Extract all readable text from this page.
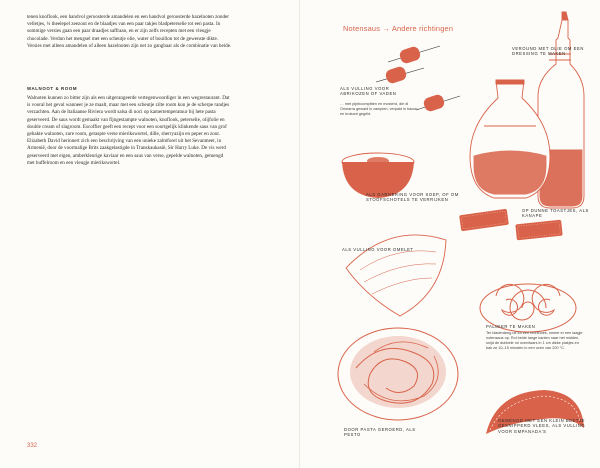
tenen knoflook, een handvol geroosterde amandelen en een handvol geroosterde hazelnoten zonder velletjes, ¼ theelepel zeezout en de blaadjes van een paar takjes bladpeterselie tot een pasta. In sommige versies gaan een paar draadjes saffraan, en er zijn zelfs recepten met een vleugje chocolade. Verdun het mengsel met een scheutje olie, water of bouillon tot de gewenste dikte. Versies met alleen amandelen of alleen hazelnoten zijn net zo gangbaar als de combinatie van beide.

WALNOOT & ROOM

Walnoten kunnen zo bitter zijn als een uitgerangeerde vertegenwoordiger in een wegrestaurant. Dat is vooral het geval wanneer je ze maalt, maar met een scheutje zilte room kun je de scherpe randjes verzachten. Aan de Italiaanse Riviera wordt salsa di noci op kamertemperatuur bij hete pasta geserveerd. De saus wordt gemaakt van fijngestampte walnoten, knoflook, peterselie, olijfolie en double cream of slagroom. Escoffier geeft een recept voor een soortgelijk klinkende saus van grof gehakte walnoten, zure room, geraspte verse mierikswortel, dille, sherryazijn en peper en zout. Elizabeth David herinnert zich een beschrijving van een unieke zalmforel uit het Sevanmeer, in Armenië, door de voormalige Brits zaakgelastigde in Transkaukasië, Sir Harry Luke. De vis werd geserveerd met eigen, amberkleurige kaviaar en een saus van verse, gepelde walnoten, gemengd met buffelroom en een vleugje mierikswortel.

332
Notensaus → Andere richtingen
VEROUND MET OLIE OM EEN DRESSING TE MAKEN
ALS VULLING VOOR ABRIKOZEN OF VADEN
… met pijnboompitten en mosterd, die di Onmarra gewald in zampieri, verpakt in bacon en krokant gegrild.
ALS GARNERING VOOR SOEP, OF OM STOOFSCHOTELS TE VERRIJKEN
OP DUNNE TOASTJES, ALS KANAPE
ALS VULLING VOOR OMELET
PALMIER TE MAKEN
Ter bladerdeeg uit tot een rechthoek, smeer er een laagje notensaus op. Rol beide lange kanten naar het midden, snijd de dubbele rol overdwars in 1 cm dikke plakjes en bak ze 10–15 minuten in een oven van 200 °C.
DOOR PASTA GEROERD, ALS PESTO
GEMENGD MET EEN KLEIN BEETJE GESNIPPERD VLEES, ALS VULLING VOOR EMPANADA'S
